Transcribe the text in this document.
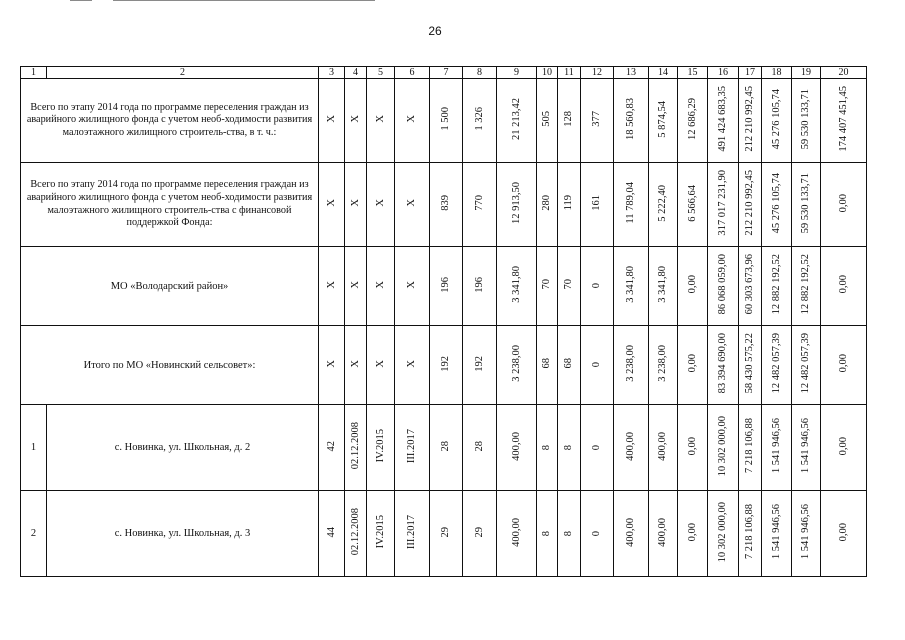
26
1	2	3	4	5	6	7	8	9	10	11	12	13	14	15	16	17	18	19	20
Всего по этапу 2014 года по программе переселения граждан из аварийного жилищного фонда с учетом необ-ходимости развития малоэтажного жилищного строитель-ства, в т. ч.:		X	X	X	X	1 500	1 326	21 213,42	505	128	377	18 560,83	5 874,54	12 686,29	491 424 683,35	212 210 992,45	45 276 105,74	59 530 133,71	174 407 451,45
Всего по этапу 2014 года по программе переселения граждан из аварийного жилищного фонда с учетом необ-ходимости развития малоэтажного жилищного строитель-ства с финансовой поддержкой Фонда:		X	X	X	X	839	770	12 913,50	280	119	161	11 789,04	5 222,40	6 566,64	317 017 231,90	212 210 992,45	45 276 105,74	59 530 133,71	0,00
МО «Володарский район»		X	X	X	X	196	196	3 341,80	70	70	0	3 341,80	3 341,80	0,00	86 068 059,00	60 303 673,96	12 882 192,52	12 882 192,52	0,00
Итого по МО «Новинский сельсовет»:		X	X	X	X	192	192	3 238,00	68	68	0	3 238,00	3 238,00	0,00	83 394 690,00	58 430 575,22	12 482 057,39	12 482 057,39	0,00
1	с. Новинка, ул. Школьная, д. 2	42	02.12.2008	IV.2015	III.2017	28	28	400,00	8	8	0	400,00	400,00	0,00	10 302 000,00	7 218 106,88	1 541 946,56	1 541 946,56	0,00
2	с. Новинка, ул. Школьная, д. 3	44	02.12.2008	IV.2015	III.2017	29	29	400,00	8	8	0	400,00	400,00	0,00	10 302 000,00	7 218 106,88	1 541 946,56	1 541 946,56	0,00
